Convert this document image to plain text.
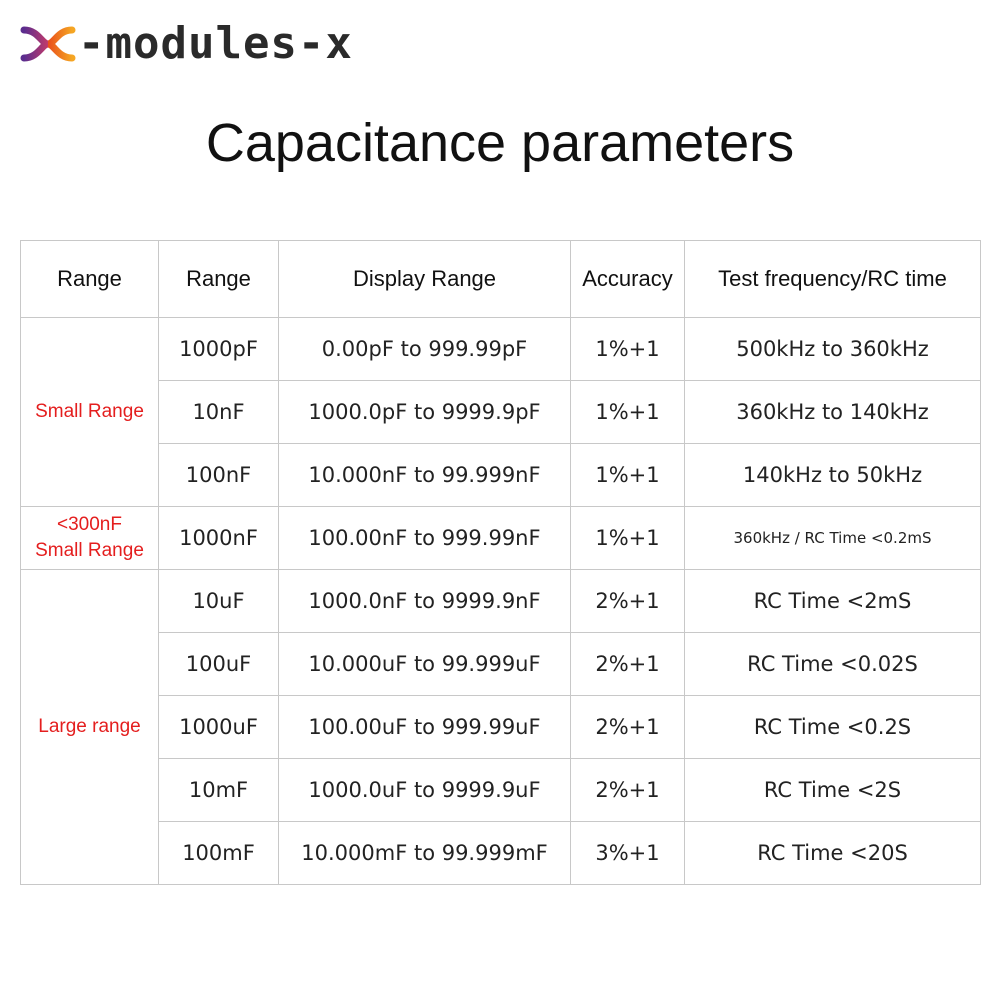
-modules-x
Capacitance parameters
Range	Range	Display Range	Accuracy	Test frequency/RC time

Small Range	1000pF	0.00pF to 999.99pF	1%+1	500kHz to 360kHz
	10nF	1000.0pF to 9999.9pF	1%+1	360kHz to 140kHz
	100nF	10.000nF to 99.999nF	1%+1	140kHz to 50kHz

<300nF
Small Range	1000nF	100.00nF to 999.99nF	1%+1	360kHz / RC Time <0.2mS

Large range	10uF	1000.0nF to 9999.9nF	2%+1	RC Time <2mS
	100uF	10.000uF to 99.999uF	2%+1	RC Time <0.02S
	1000uF	100.00uF to 999.99uF	2%+1	RC Time <0.2S
	10mF	1000.0uF to 9999.9uF	2%+1	RC Time <2S
	100mF	10.000mF to 99.999mF	3%+1	RC Time <20S
